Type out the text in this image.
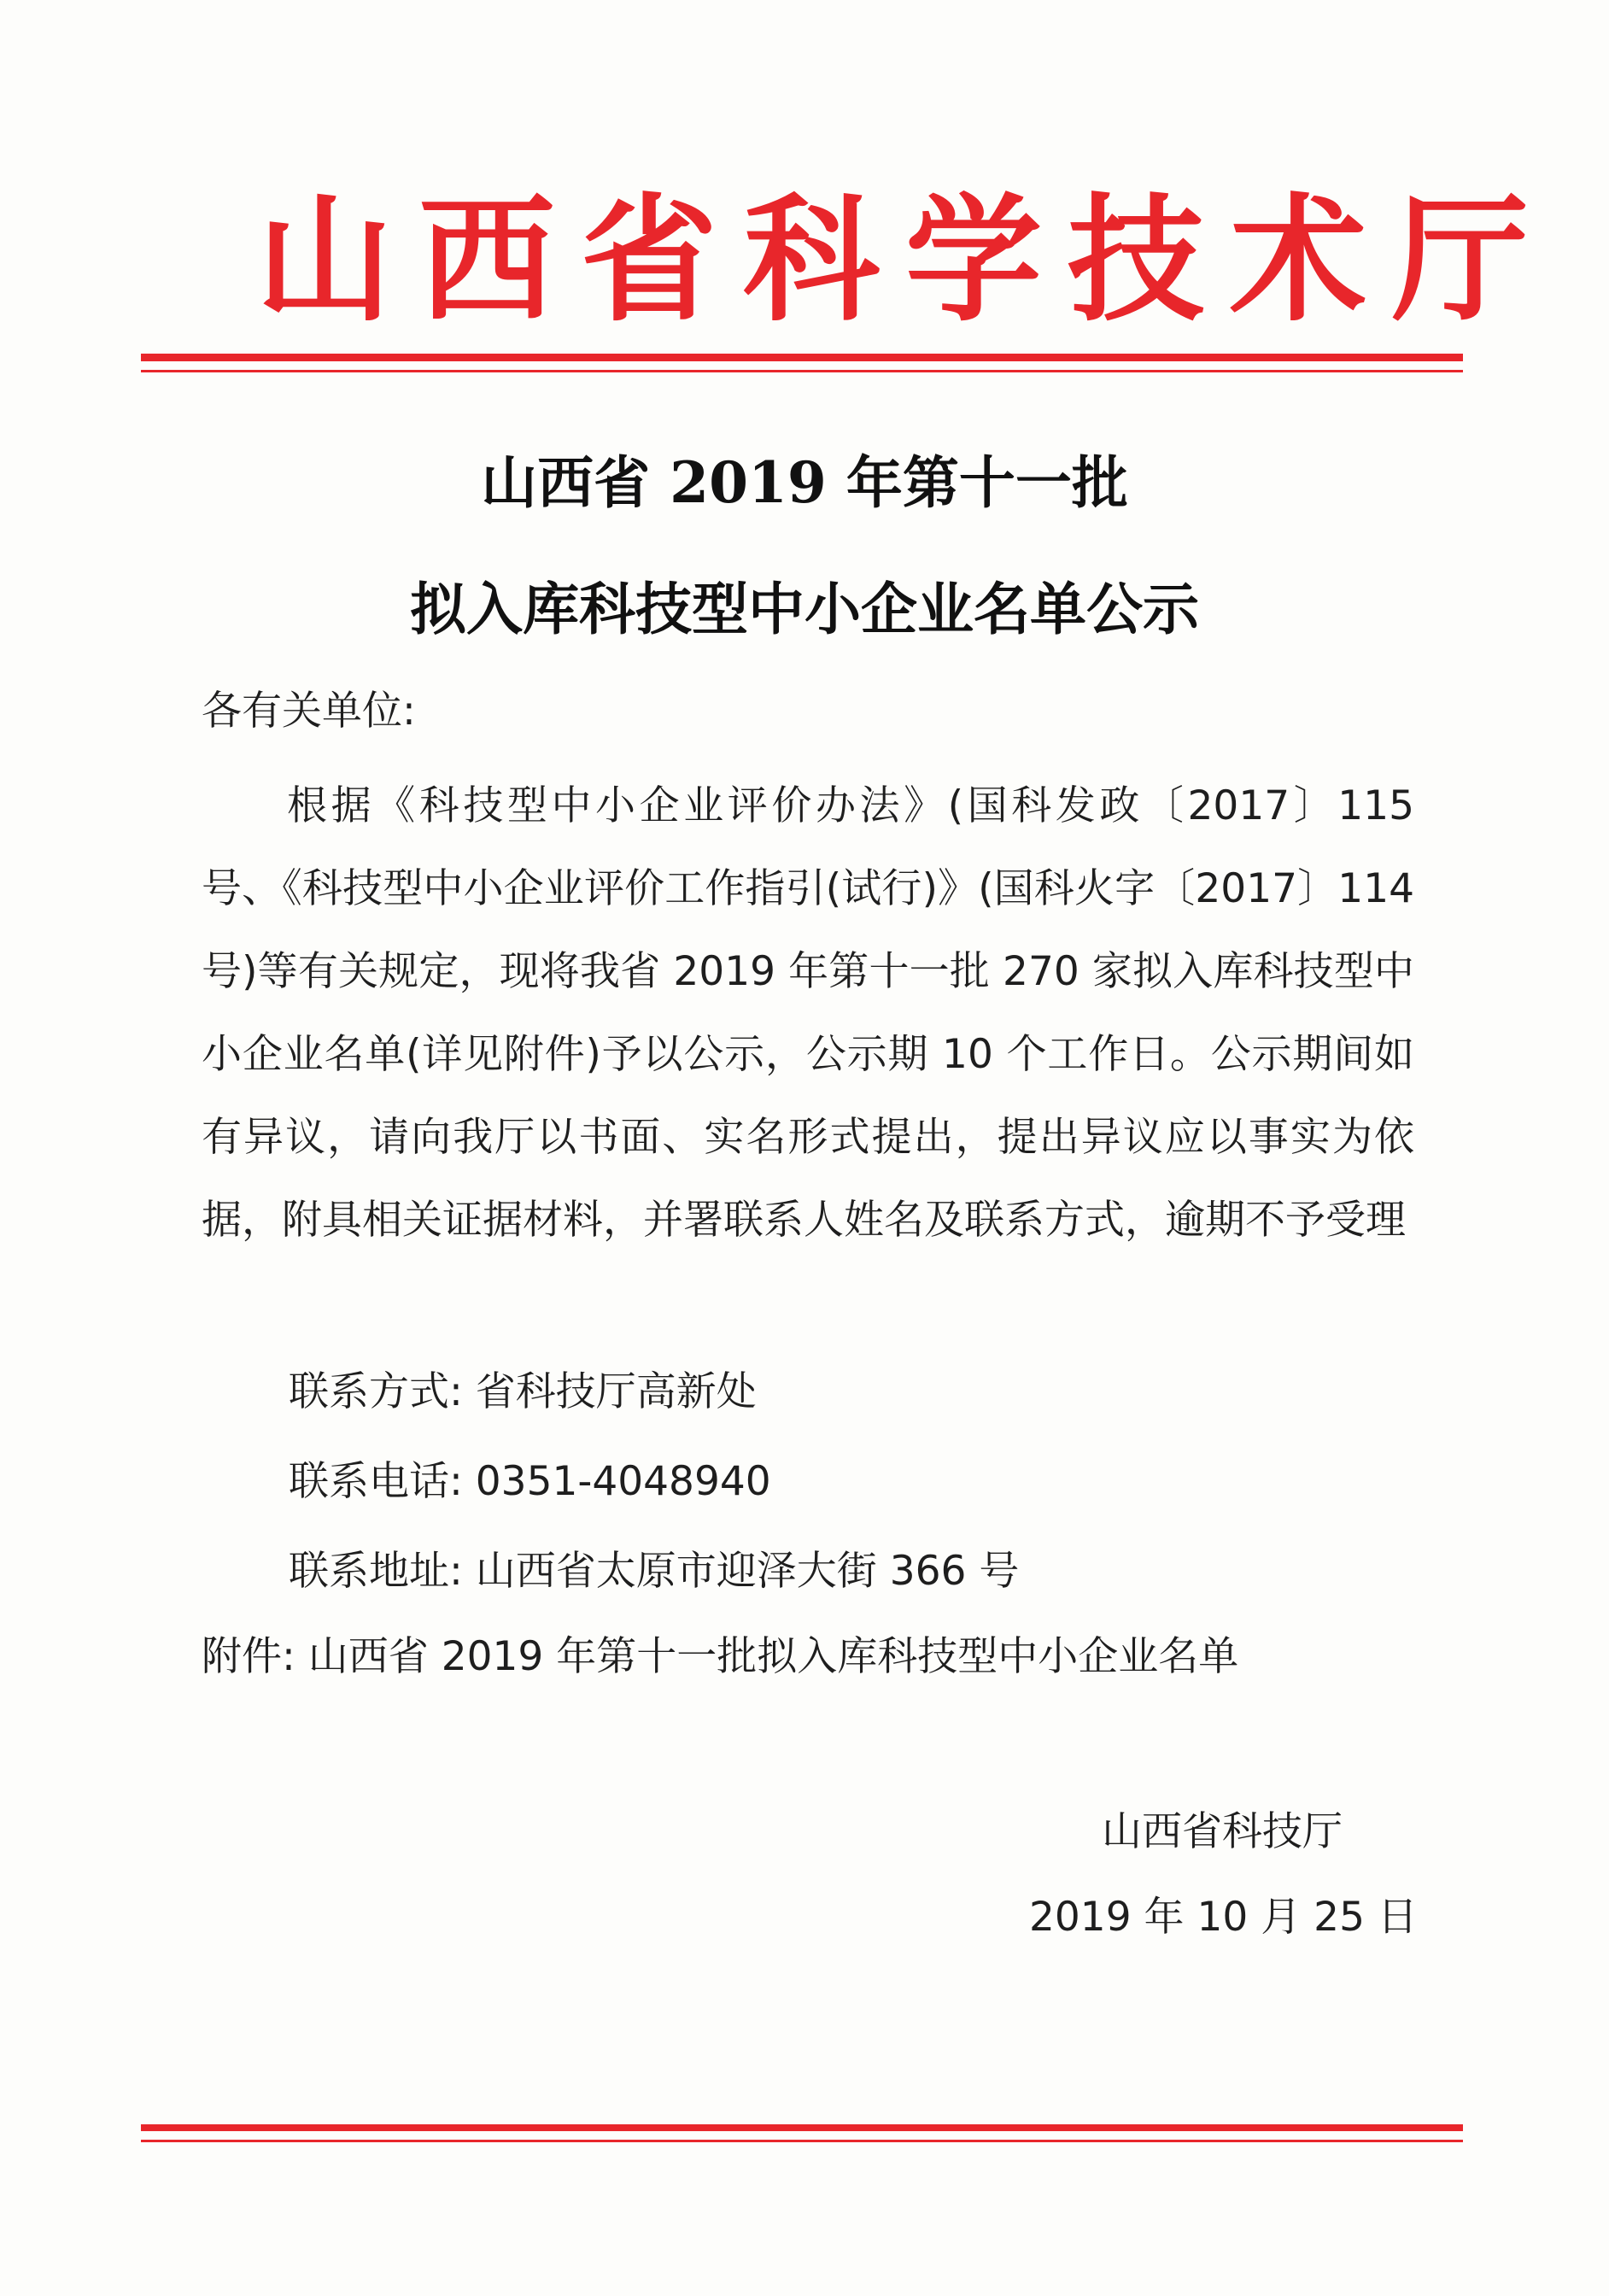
山西省科学技术厅
山西省 2019 年第十一批
拟入库科技型中小企业名单公示
各有关单位:
根据《科技型中小企业评价办法》(国科发政〔2017〕115 号、《科技型中小企业评价工作指引(试行)》(国科火字〔2017〕114 号)等有关规定，现将我省 2019 年第十一批 270 家拟入库科技型中小企业名单(详见附件)予以公示，公示期 10 个工作日。公示期间如有异议，请向我厅以书面、实名形式提出，提出异议应以事实为依据，附具相关证据材料，并署联系人姓名及联系方式，逾期不予受理
联系方式: 省科技厅高新处
联系电话: 0351-4048940
联系地址: 山西省太原市迎泽大街 366 号
附件: 山西省 2019 年第十一批拟入库科技型中小企业名单
山西省科技厅
2019 年 10 月 25 日
